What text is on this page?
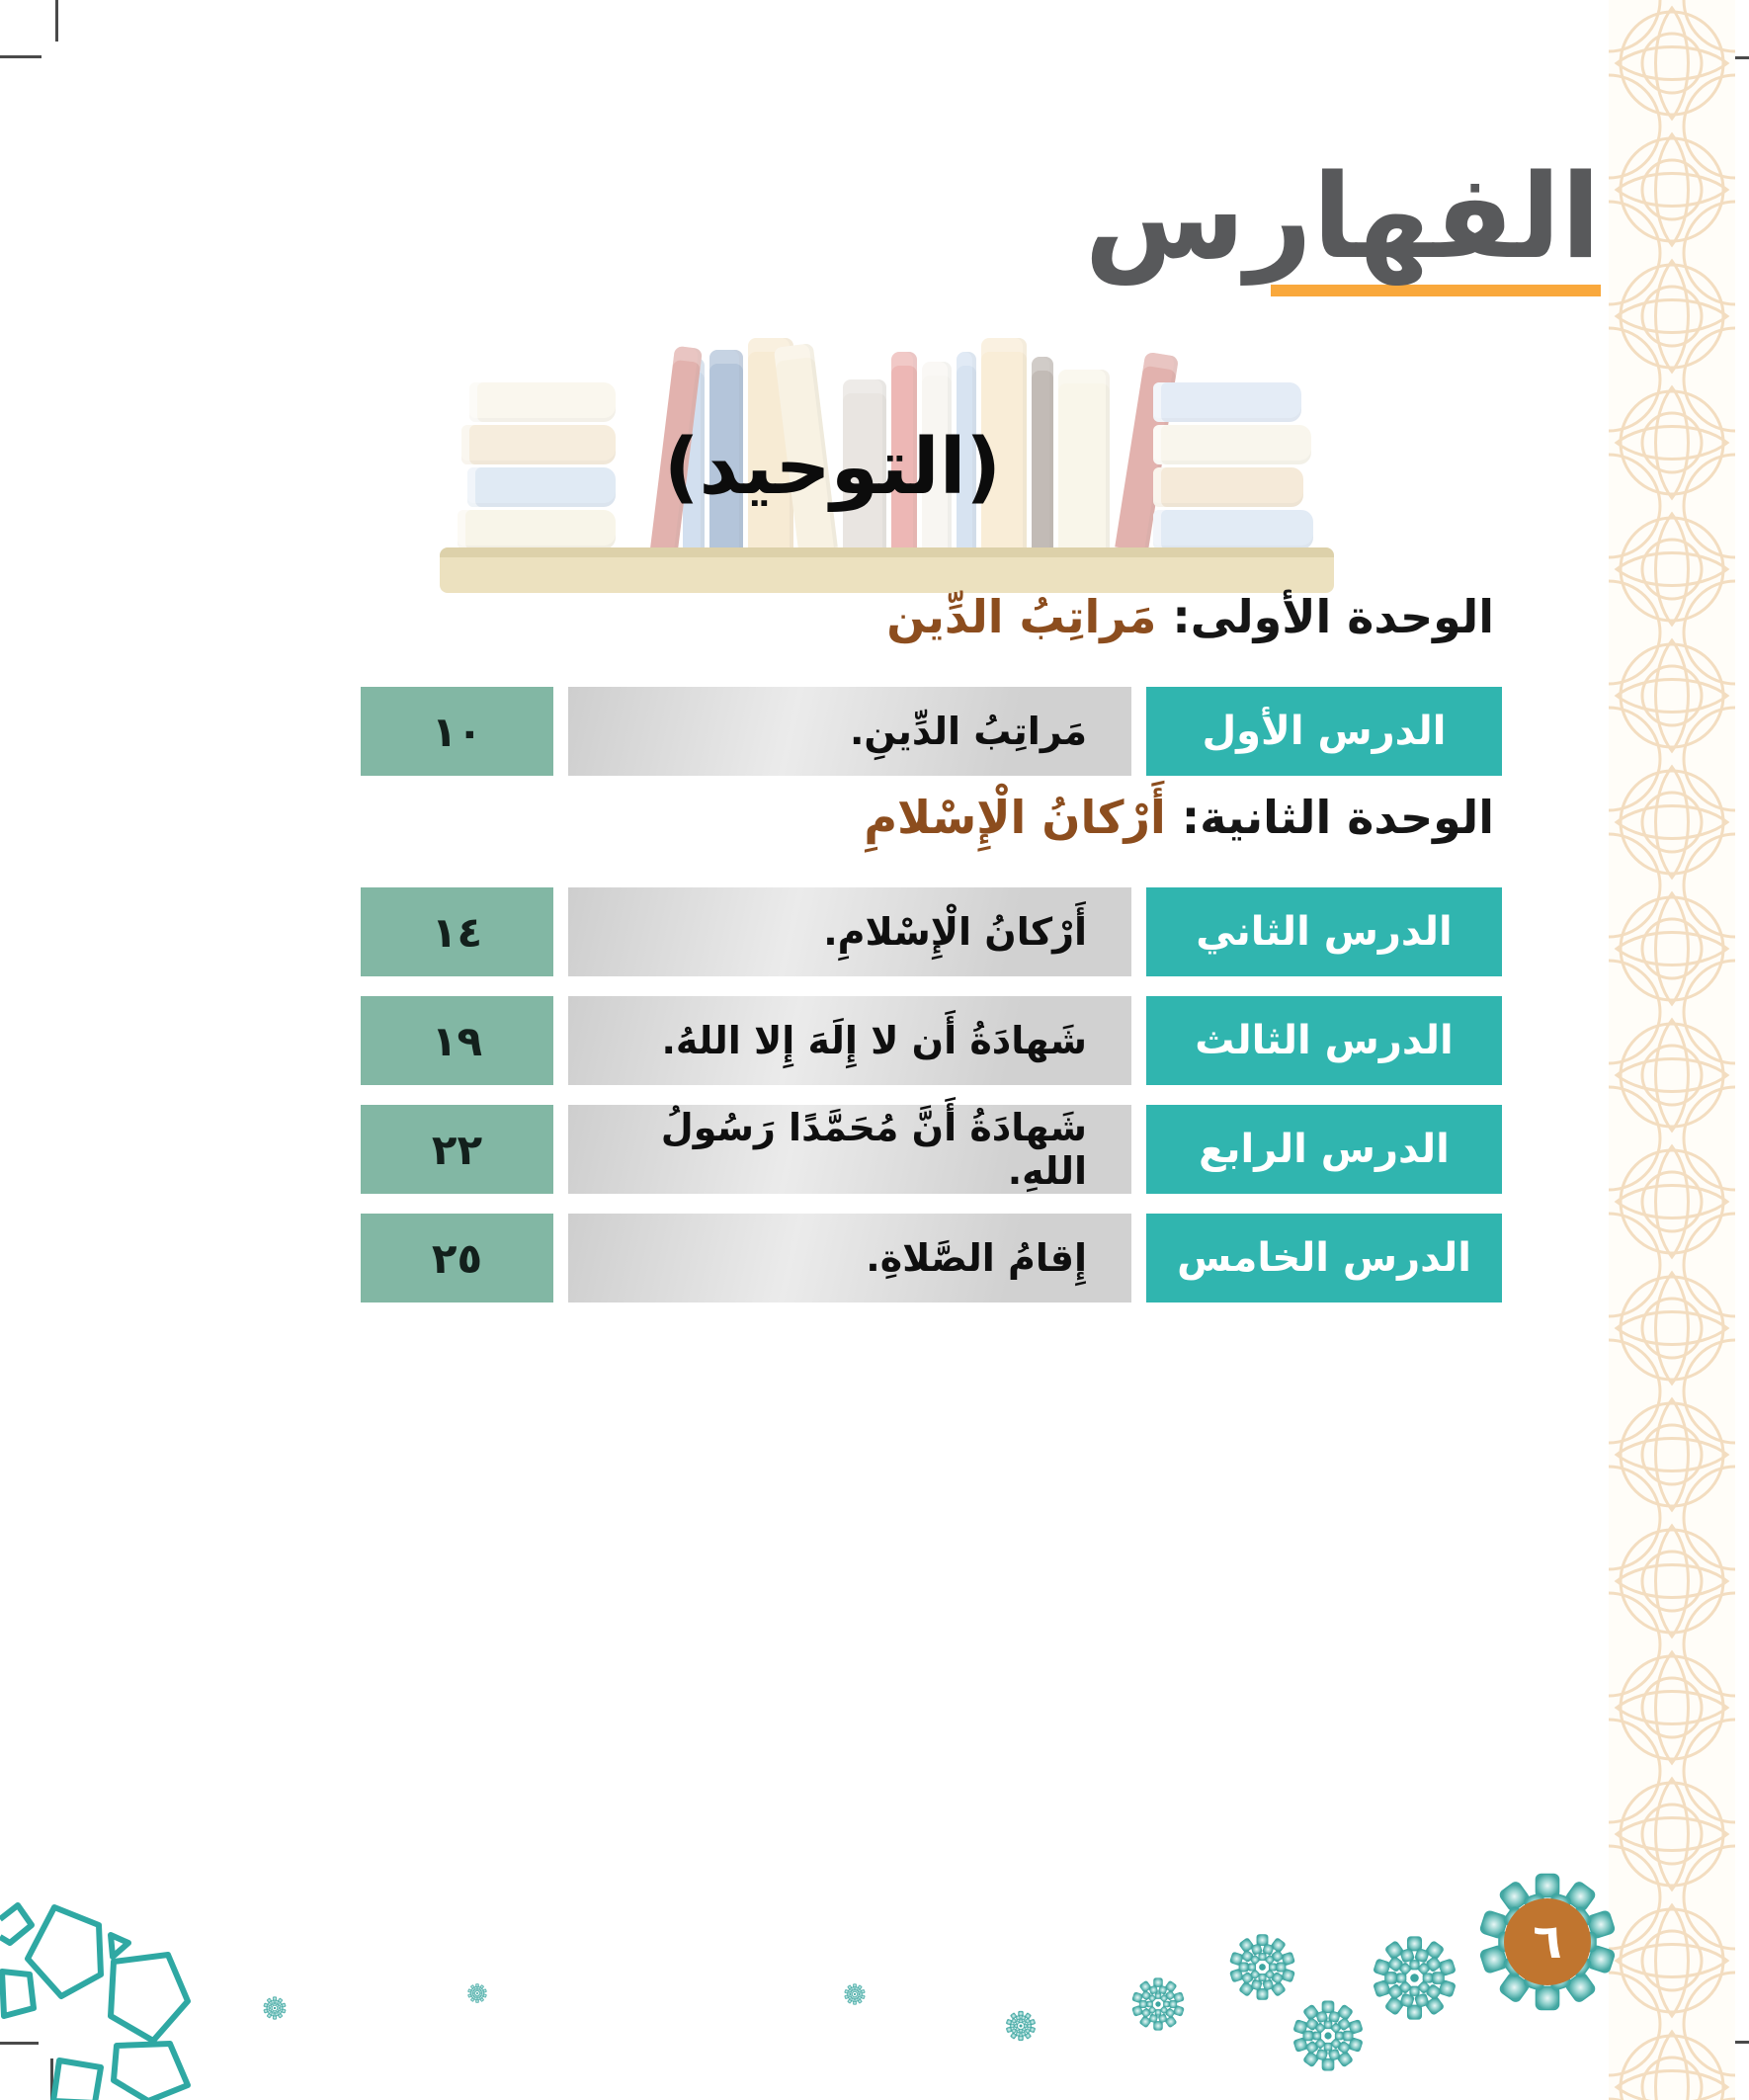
الفهارس
(التوحيد)
الوحدة الأولى: مَراتِبُ الدِّين
الدرس الأول
مَراتِبُ الدِّينِ.
١٠
الوحدة الثانية: أَرْكانُ الْإِسْلامِ
الدرس الثاني
أَرْكانُ الْإِسْلامِ.
١٤
الدرس الثالث
شَهادَةُ أَن لا إِلَهَ إِلا اللهُ.
١٩
الدرس الرابع
شَهادَةُ أَنَّ مُحَمَّدًا رَسُولُ اللهِ.
٢٢
الدرس الخامس
إِقامُ الصَّلاةِ.
٢٥
٦
